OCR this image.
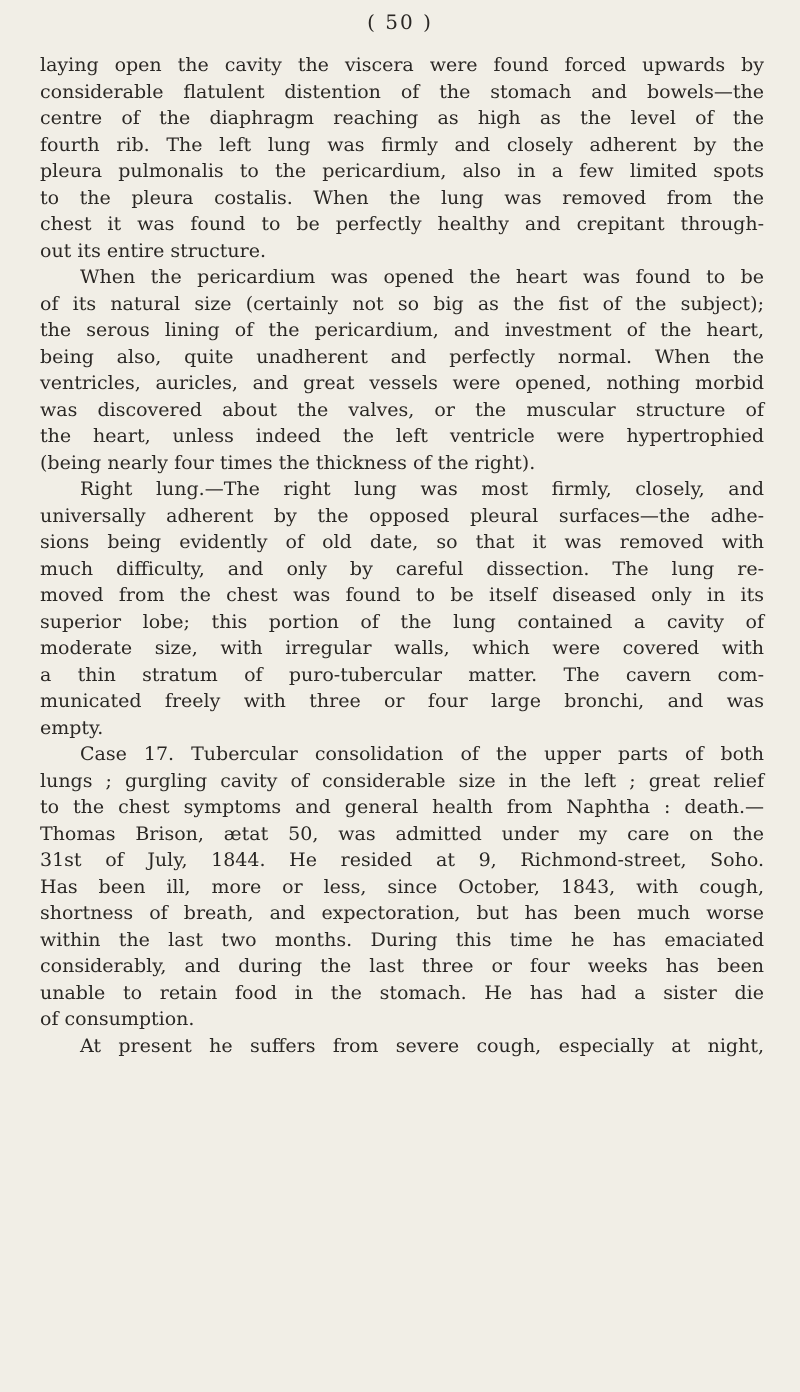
( 50 )
laying open the cavity the viscera were found forced upwards by
considerable flatulent distention of the stomach and bowels—the
centre of the diaphragm reaching as high as the level of the
fourth rib. The left lung was firmly and closely adherent by the
pleura pulmonalis to the pericardium, also in a few limited spots
to the pleura costalis. When the lung was removed from the
chest it was found to be perfectly healthy and crepitant through-
out its entire structure.
When the pericardium was opened the heart was found to be
of its natural size (certainly not so big as the fist of the subject);
the serous lining of the pericardium, and investment of the heart,
being also, quite unadherent and perfectly normal. When the
ventricles, auricles, and great vessels were opened, nothing morbid
was discovered about the valves, or the muscular structure of
the heart, unless indeed the left ventricle were hypertrophied
(being nearly four times the thickness of the right).
Right lung.—The right lung was most firmly, closely, and
universally adherent by the opposed pleural surfaces—the adhe-
sions being evidently of old date, so that it was removed with
much difficulty, and only by careful dissection. The lung re-
moved from the chest was found to be itself diseased only in its
superior lobe; this portion of the lung contained a cavity of
moderate size, with irregular walls, which were covered with
a thin stratum of puro-tubercular matter. The cavern com-
municated freely with three or four large bronchi, and was
empty.
Case 17. Tubercular consolidation of the upper parts of both
lungs ; gurgling cavity of considerable size in the left ; great relief
to the chest symptoms and general health from Naphtha : death.—
Thomas Brison, ætat 50, was admitted under my care on the
31st of July, 1844. He resided at 9, Richmond-street, Soho.
Has been ill, more or less, since October, 1843, with cough,
shortness of breath, and expectoration, but has been much worse
within the last two months. During this time he has emaciated
considerably, and during the last three or four weeks has been
unable to retain food in the stomach. He has had a sister die
of consumption.
At present he suffers from severe cough, especially at night,
